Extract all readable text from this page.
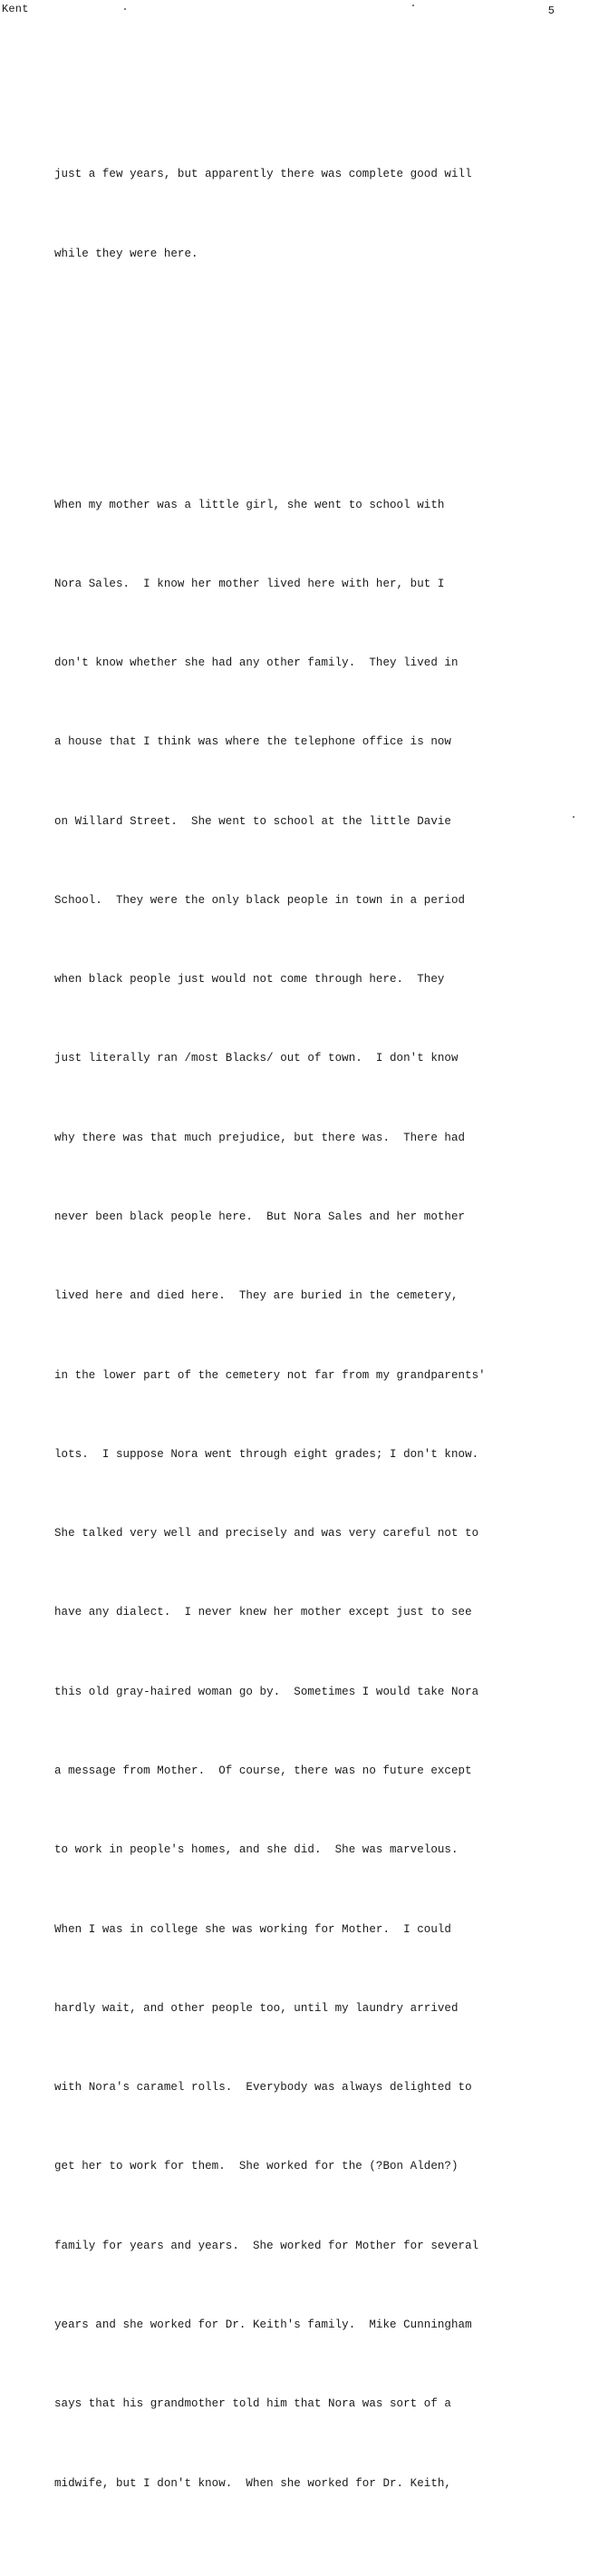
Kent	5

just a few years, but apparently there was complete good will

while they were here.

When my mother was a little girl, she went to school with

Nora Sales.  I know her mother lived here with her, but I

don't know whether she had any other family.  They lived in

a house that I think was where the telephone office is now

on Willard Street.  She went to school at the little Davie

School.  They were the only black people in town in a period

when black people just would not come through here.  They

just literally ran /most Blacks/ out of town.  I don't know

why there was that much prejudice, but there was.  There had

never been black people here.  But Nora Sales and her mother

lived here and died here.  They are buried in the cemetery,

in the lower part of the cemetery not far from my grandparents'

lots.  I suppose Nora went through eight grades; I don't know.

She talked very well and precisely and was very careful not to

have any dialect.  I never knew her mother except just to see

this old gray-haired woman go by.  Sometimes I would take Nora

a message from Mother.  Of course, there was no future except

to work in people's homes, and she did.  She was marvelous.

When I was in college she was working for Mother.  I could

hardly wait, and other people too, until my laundry arrived

with Nora's caramel rolls.  Everybody was always delighted to

get her to work for them.  She worked for the (?Bon Alden?)

family for years and years.  She worked for Mother for several

years and she worked for Dr. Keith's family.  Mike Cunningham

says that his grandmother told him that Nora was sort of a

midwife, but I don't know.  When she worked for Dr. Keith,
